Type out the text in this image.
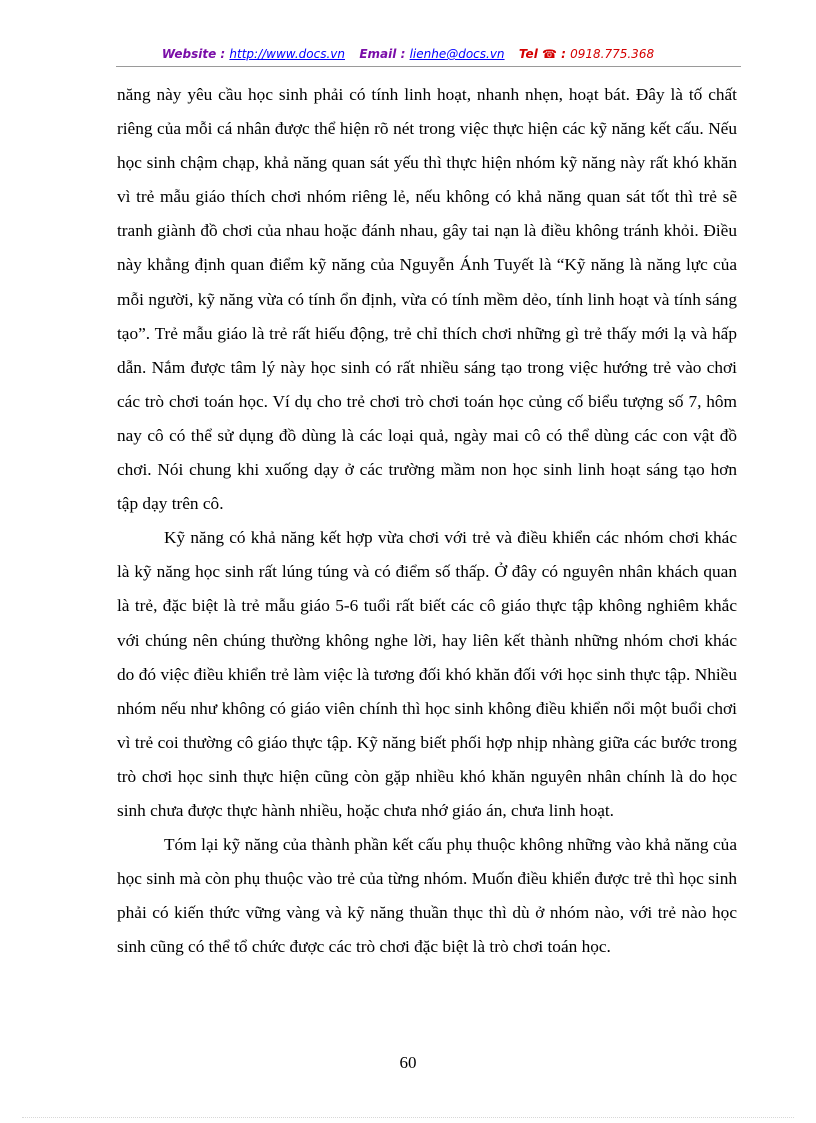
Website : http://www.docs.vn Email : lienhe@docs.vn Tel ☎ : 0918.775.368

năng này yêu cầu học sinh phải có tính linh hoạt, nhanh nhẹn, hoạt bát. Đây là tố chất riêng của mỗi cá nhân được thể hiện rõ nét trong việc thực hiện các kỹ năng kết cấu. Nếu học sinh chậm chạp, khả năng quan sát yếu thì thực hiện nhóm kỹ năng này rất khó khăn vì trẻ mẫu giáo thích chơi nhóm riêng lẻ, nếu không có khả năng quan sát tốt thì trẻ sẽ tranh giành đồ chơi của nhau hoặc đánh nhau, gây tai nạn là điều không tránh khỏi. Điều này khẳng định quan điểm kỹ năng của Nguyễn Ánh Tuyết là “Kỹ năng là năng lực của mỗi người, kỹ năng vừa có tính ổn định, vừa có tính mềm dẻo, tính linh hoạt và tính sáng tạo”. Trẻ mẫu giáo là trẻ rất hiếu động, trẻ chỉ thích chơi những gì trẻ thấy mới lạ và hấp dẫn. Nắm được tâm lý này học sinh có rất nhiều sáng tạo trong việc hướng trẻ vào chơi các trò chơi toán học. Ví dụ cho trẻ chơi trò chơi toán học củng cố biểu tượng số 7, hôm nay cô có thể sử dụng đồ dùng là các loại quả, ngày mai cô có thể dùng các con vật đồ chơi. Nói chung khi xuống dạy ở các trường mầm non học sinh linh hoạt sáng tạo hơn tập dạy trên cô.

Kỹ năng có khả năng kết hợp vừa chơi với trẻ và điều khiển các nhóm chơi khác là kỹ năng học sinh rất lúng túng và có điểm số thấp. Ở đây có nguyên nhân khách quan là trẻ, đặc biệt là trẻ mẫu giáo 5-6 tuổi rất biết các cô giáo thực tập không nghiêm khắc với chúng nên chúng thường không nghe lời, hay liên kết thành những nhóm chơi khác do đó việc điều khiển trẻ làm việc là tương đối khó khăn đối với học sinh thực tập. Nhiều nhóm nếu như không có giáo viên chính thì học sinh không điều khiển nổi một buổi chơi vì trẻ coi thường cô giáo thực tập. Kỹ năng biết phối hợp nhịp nhàng giữa các bước trong trò chơi học sinh thực hiện cũng còn gặp nhiều khó khăn nguyên nhân chính là do học sinh chưa được thực hành nhiều, hoặc chưa nhớ giáo án, chưa linh hoạt.

Tóm lại kỹ năng của thành phần kết cấu phụ thuộc không những vào khả năng của học sinh mà còn phụ thuộc vào trẻ của từng nhóm. Muốn điều khiển được trẻ thì học sinh phải có kiến thức vững vàng và kỹ năng thuần thục thì dù ở nhóm nào, với trẻ nào học sinh cũng có thể tổ chức được các trò chơi đặc biệt là trò chơi toán học.

60
